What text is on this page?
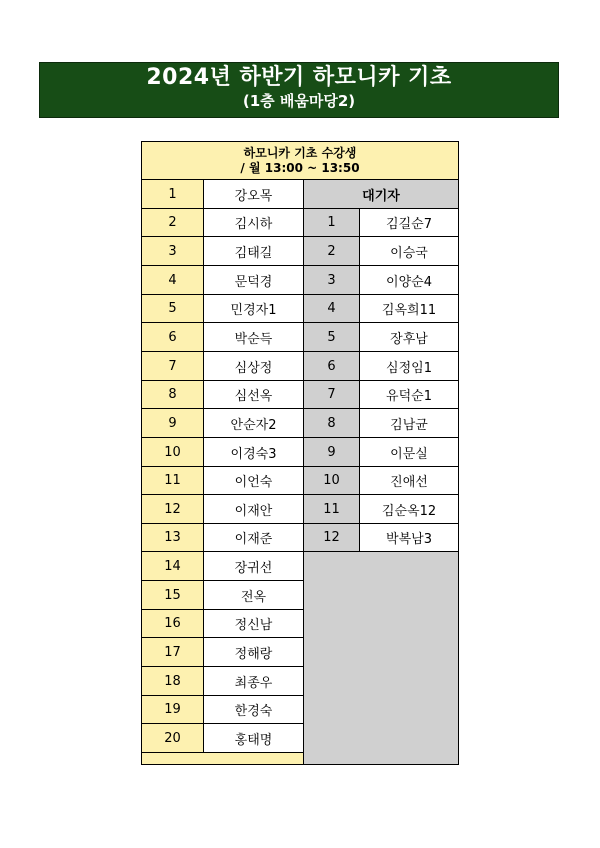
2024년 하반기 하모니카 기초
(1층 배움마당2)
하모니카 기초 수강생
/ 월 13:00 ~ 13:50
1	강오목
2	김시하
3	김태길
4	문덕경
5	민경자1
6	박순득
7	심상정
8	심선옥
9	안순자2
10	이경숙3
11	이언숙
12	이재안
13	이재준
14	장귀선
15	전옥
16	정신남
17	정해랑
18	최종우
19	한경숙
20	홍태명
대기자
1	김길순7
2	이승국
3	이양순4
4	김옥희11
5	장후남
6	심정임1
7	유덕순1
8	김남균
9	이문실
10	진애선
11	김순옥12
12	박복남3
